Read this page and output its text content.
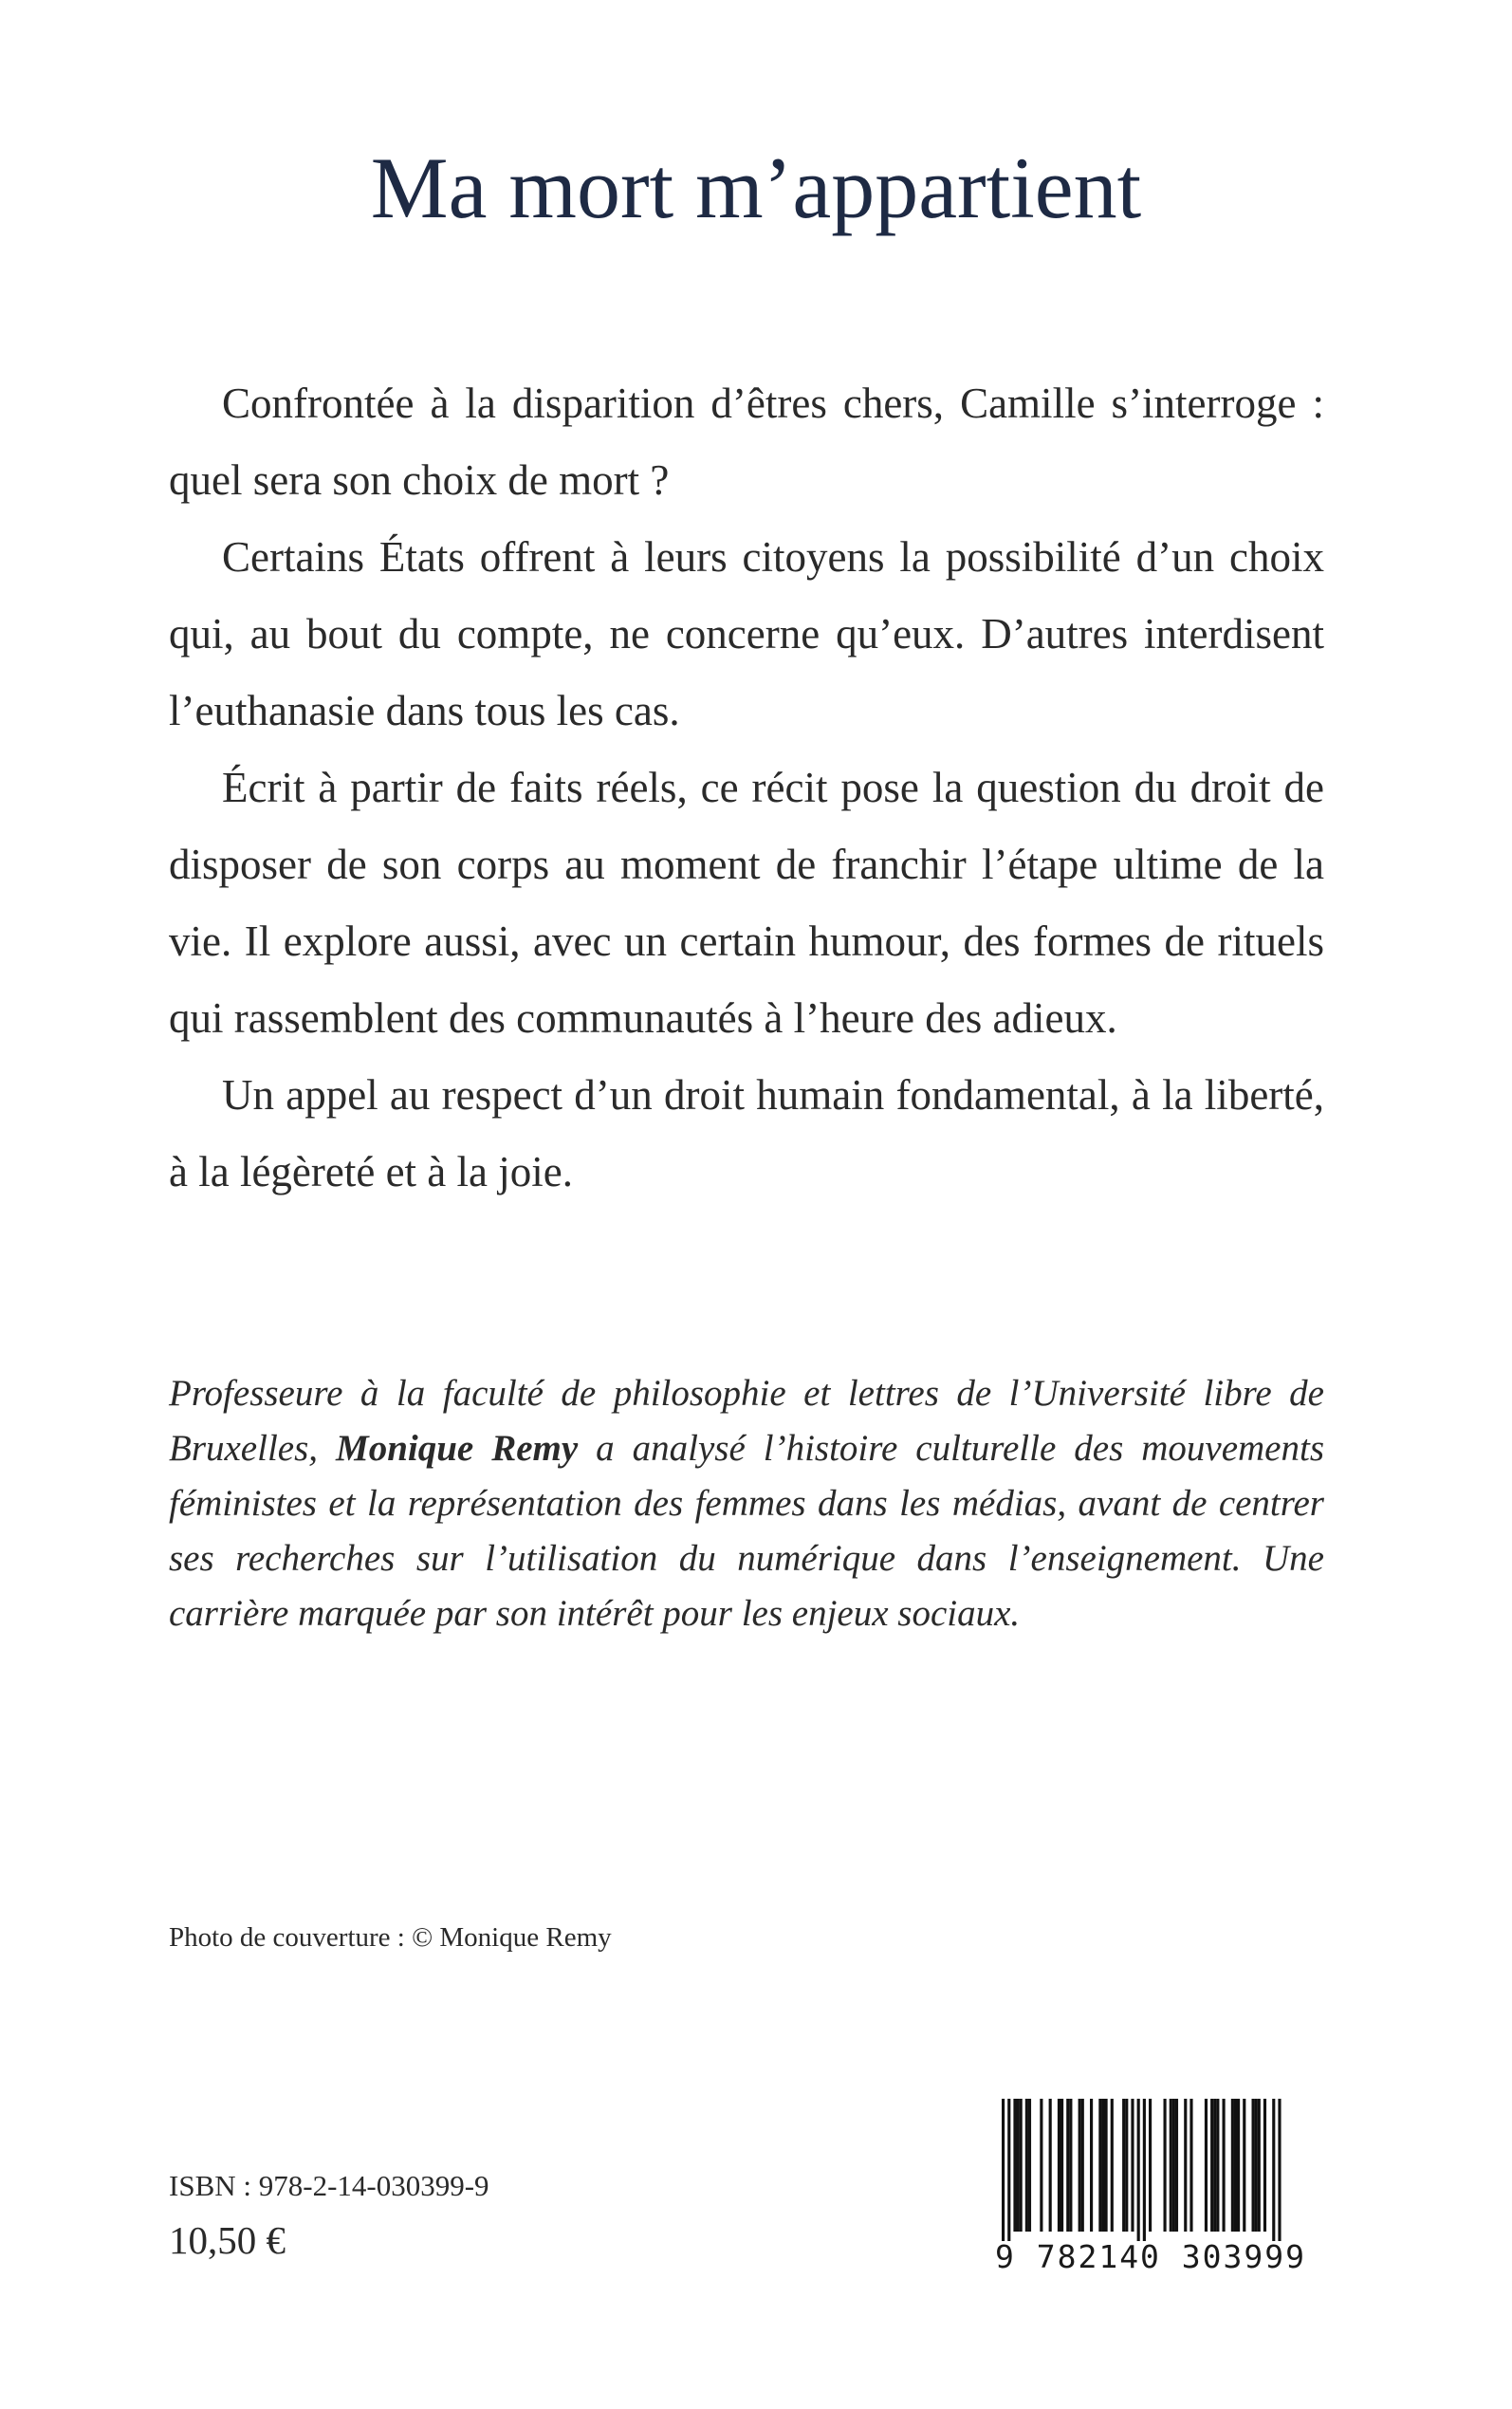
Ma mort m’appartient

Confrontée à la disparition d’êtres chers, Camille s’interroge : quel sera son choix de mort ?

Certains États offrent à leurs citoyens la possibilité d’un choix qui, au bout du compte, ne concerne qu’eux. D’autres interdisent l’euthanasie dans tous les cas.

Écrit à partir de faits réels, ce récit pose la question du droit de disposer de son corps au moment de franchir l’étape ultime de la vie. Il explore aussi, avec un certain humour, des formes de rituels qui rassemblent des communautés à l’heure des adieux.

Un appel au respect d’un droit humain fondamental, à la liberté, à la légèreté et à la joie.

Professeure à la faculté de philosophie et lettres de l’Université libre de Bruxelles, Monique Remy a analysé l’histoire culturelle des mouvements féministes et la représentation des femmes dans les médias, avant de centrer ses recherches sur l’utilisation du numérique dans l’enseignement. Une carrière marquée par son intérêt pour les enjeux sociaux.

Photo de couverture : © Monique Remy
ISBN : 978-2-14-030399-9
10,50 €	9 782140 303999
